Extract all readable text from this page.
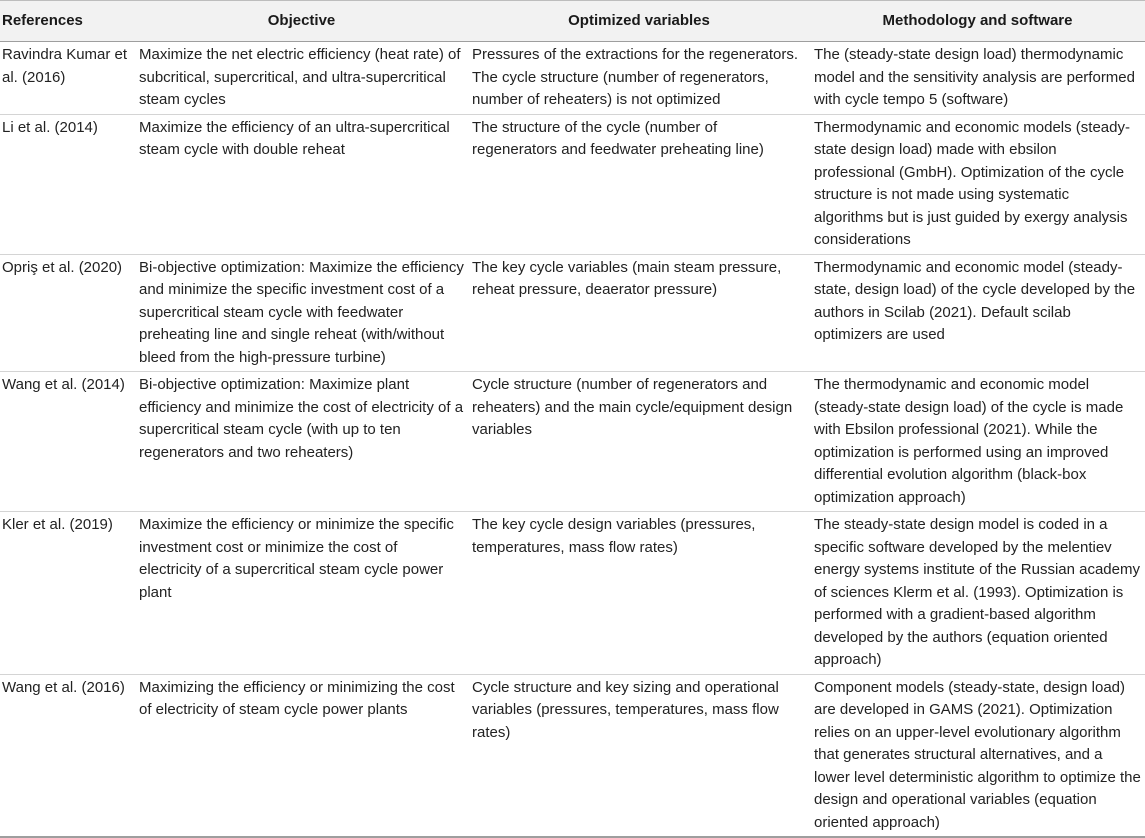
References	Objective	Optimized variables	Methodology and software
Ravindra Kumar et al. (2016)	Maximize the net electric efficiency (heat rate) of subcritical, supercritical, and ultra-supercritical steam cycles	Pressures of the extractions for the regenerators. The cycle structure (number of regenerators, number of reheaters) is not optimized	The (steady-state design load) thermodynamic model and the sensitivity analysis are performed with cycle tempo 5 (software)
Li et al. (2014)	Maximize the efficiency of an ultra-supercritical steam cycle with double reheat	The structure of the cycle (number of regenerators and feedwater preheating line)	Thermodynamic and economic models (steady-state design load) made with ebsilon professional (GmbH). Optimization of the cycle structure is not made using systematic algorithms but is just guided by exergy analysis considerations
Opriş et al. (2020)	Bi-objective optimization: Maximize the efficiency and minimize the specific investment cost of a supercritical steam cycle with feedwater preheating line and single reheat (with/without bleed from the high-pressure turbine)	The key cycle variables (main steam pressure, reheat pressure, deaerator pressure)	Thermodynamic and economic model (steady-state, design load) of the cycle developed by the authors in Scilab (2021). Default scilab optimizers are used
Wang et al. (2014)	Bi-objective optimization: Maximize plant efficiency and minimize the cost of electricity of a supercritical steam cycle (with up to ten regenerators and two reheaters)	Cycle structure (number of regenerators and reheaters) and the main cycle/equipment design variables	The thermodynamic and economic model (steady-state design load) of the cycle is made with Ebsilon professional (2021). While the optimization is performed using an improved differential evolution algorithm (black-box optimization approach)
Kler et al. (2019)	Maximize the efficiency or minimize the specific investment cost or minimize the cost of electricity of a supercritical steam cycle power plant	The key cycle design variables (pressures, temperatures, mass flow rates)	The steady-state design model is coded in a specific software developed by the melentiev energy systems institute of the Russian academy of sciences Klerm et al. (1993). Optimization is performed with a gradient-based algorithm developed by the authors (equation oriented approach)
Wang et al. (2016)	Maximizing the efficiency or minimizing the cost of electricity of steam cycle power plants	Cycle structure and key sizing and operational variables (pressures, temperatures, mass flow rates)	Component models (steady-state, design load) are developed in GAMS (2021). Optimization relies on an upper-level evolutionary algorithm that generates structural alternatives, and a lower level deterministic algorithm to optimize the design and operational variables (equation oriented approach)
